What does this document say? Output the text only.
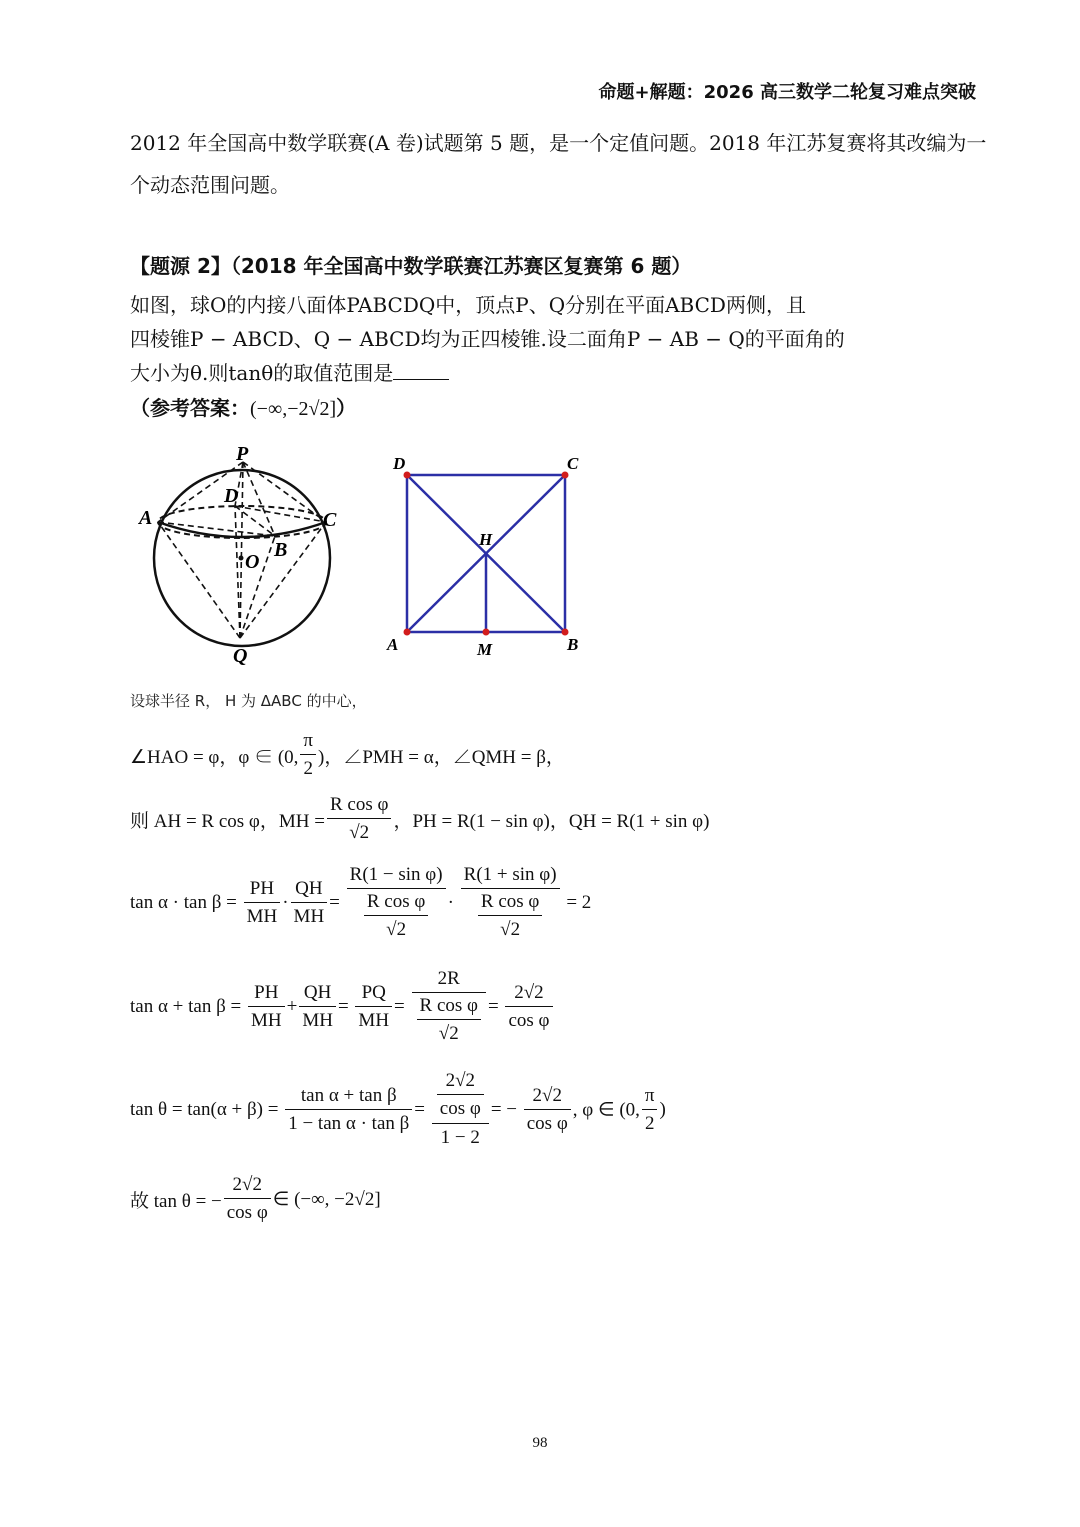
命题+解题：2026 高三数学二轮复习难点突破
2012 年全国高中数学联赛(A 卷)试题第 5 题，是一个定值问题。2018 年江苏复赛将其改编为一个动态范围问题。
【题源 2】（2018 年全国高中数学联赛江苏赛区复赛第 6 题）
如图，球O的内接八面体PABCDQ中，顶点P、Q分别在平面ABCD两侧，且
四棱锥P − ABCD、Q − ABCD均为正四棱锥.设二面角P − AB − Q的平面角的
大小为θ.则tanθ的取值范围是
（参考答案：(−∞,−2√2]）
P
D
A	C
B
O
Q
D	C
H
A	M	B
设球半径 R， H 为 ΔABC 的中心，
∠HAO = φ，φ ∈ (0, $\frac{\pi}{2}$ )，∠PMH = α，∠QMH = β，
则 AH = R cos φ，MH = $\frac{\text{R cos φ}}{√2}$ ，PH = R(1 − sin φ)，QH = R(1 + sin φ)
$\tan \alpha \cdot \tan \beta = \frac{PH}{MH} \cdot \frac{QH}{MH} = \frac{\text{R(1 − sin φ)}}{\frac{\text{R cos φ}}{√2}} \cdot \frac{\text{R(1 + sin φ)}}{\frac{\text{R cos φ}}{√2}} = 2$
$\tan \alpha + \tan \beta = \frac{PH}{MH} + \frac{QH}{MH} = \frac{PQ}{MH} = \frac{2R}{\frac{\text{R cos φ}}{√2}} = \frac{2√2}{\text{cos φ}}$
$\tan \theta = \tan(\alpha + \beta) = \frac{\text{tan α + tan β}}{\text{1 − tan α · tan β}} = \frac{\frac{2√2}{\text{cos φ}}}{1 - 2}$ = − $\frac{2√2}{\text{cos φ}}$ , φ ∈ (0, $\frac{\pi}{2}$ )
故 tan θ = − $\frac{2√2}{\text{cos φ}}$ ∈ (−∞, −2√2]
98
